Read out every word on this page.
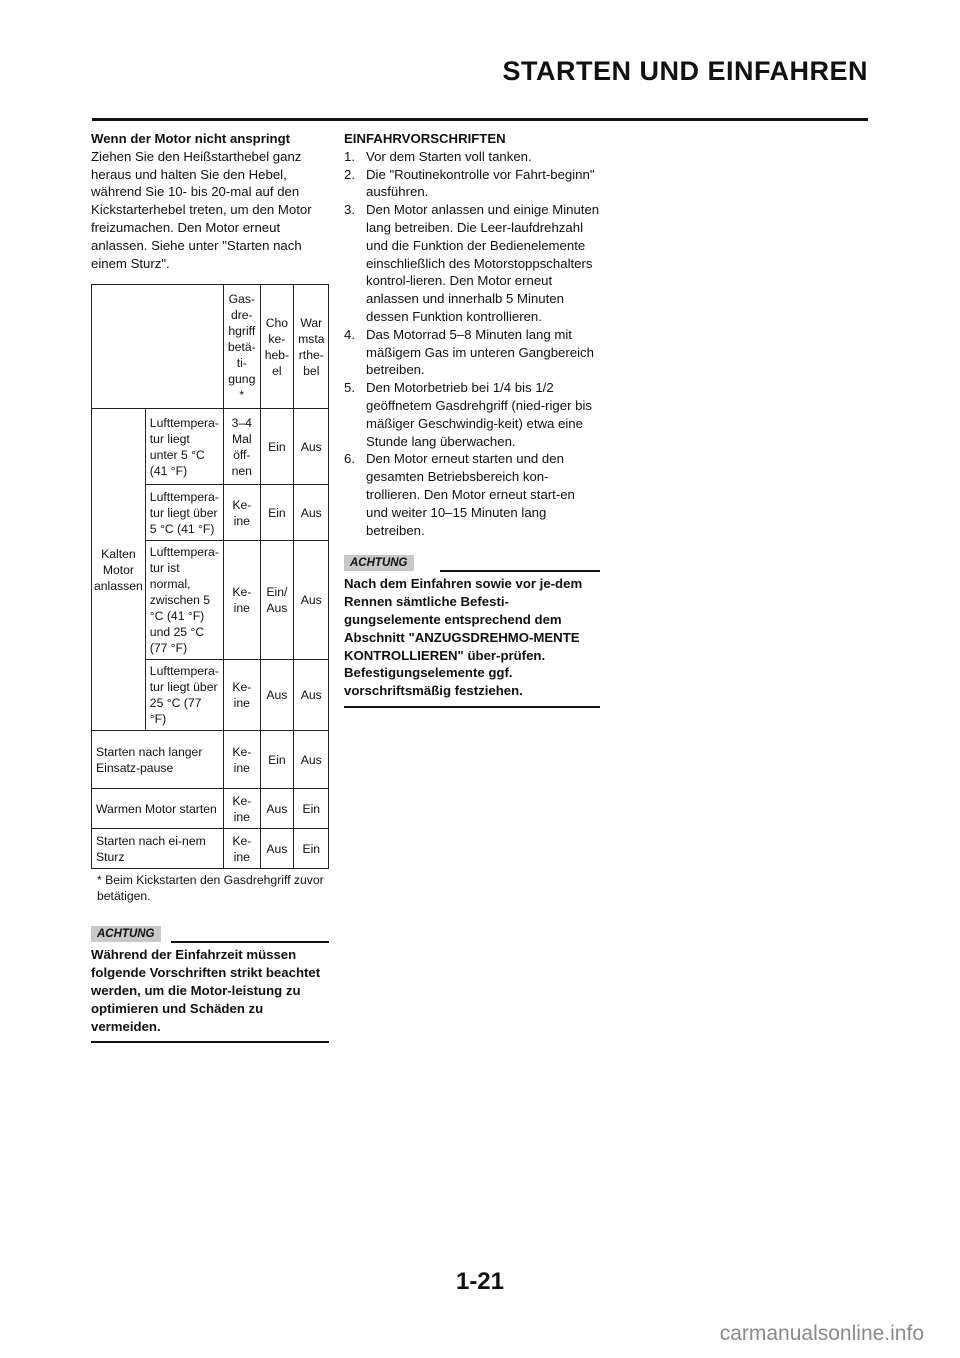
STARTEN UND EINFAHREN
Wenn der Motor nicht anspringt
Ziehen Sie den Heißstarthebel ganz heraus und halten Sie den Hebel, während Sie 10- bis 20-mal auf den Kickstarterhebel treten, um den Motor freizumachen. Den Motor erneut anlassen. Siehe unter "Starten nach einem Sturz".
		Gas-dre-hgriff betä-ti-gung *	Cho ke-heb-el	War msta rthe-bel
Kalten Motor anlassen	Lufttempera-tur liegt unter 5 °C (41 °F)	3–4 Mal öff-nen	Ein	Aus
	Lufttempera-tur liegt über 5 °C (41 °F)	Ke-ine	Ein	Aus
	Lufttempera-tur ist normal, zwischen 5 °C (41 °F) und 25 °C (77 °F)	Ke-ine	Ein/ Aus	Aus
	Lufttempera-tur liegt über 25 °C (77 °F)	Ke-ine	Aus	Aus
Starten nach langer Einsatz-pause		Ke-ine	Ein	Aus
Warmen Motor starten		Ke-ine	Aus	Ein
Starten nach ei-nem Sturz		Ke-ine	Aus	Ein
* Beim Kickstarten den Gasdrehgriff zuvor betätigen.
ACHTUNG
Während der Einfahrzeit müssen folgende Vorschriften strikt beachtet werden, um die Motor-leistung zu optimieren und Schäden zu vermeiden.
EINFAHRVORSCHRIFTEN
1. Vor dem Starten voll tanken.
2. Die "Routinekontrolle vor Fahrt-beginn" ausführen.
3. Den Motor anlassen und einige Minuten lang betreiben. Die Leer-laufdrehzahl und die Funktion der Bedienelemente einschließlich des Motorstoppschalters kontrol-lieren. Den Motor erneut anlassen und innerhalb 5 Minuten dessen Funktion kontrollieren.
4. Das Motorrad 5–8 Minuten lang mit mäßigem Gas im unteren Gangbereich betreiben.
5. Den Motorbetrieb bei 1/4 bis 1/2 geöffnetem Gasdrehgriff (nied-riger bis mäßiger Geschwindig-keit) etwa eine Stunde lang überwachen.
6. Den Motor erneut starten und den gesamten Betriebsbereich kon-trollieren. Den Motor erneut start-en und weiter 10–15 Minuten lang betreiben.
ACHTUNG
Nach dem Einfahren sowie vor je-dem Rennen sämtliche Befesti-gungselemente entsprechend dem Abschnitt "ANZUGSDREHMO-MENTE KONTROLLIEREN" über-prüfen. Befestigungselemente ggf. vorschriftsmäßig festziehen.
1-21
carmanualsonline.info
